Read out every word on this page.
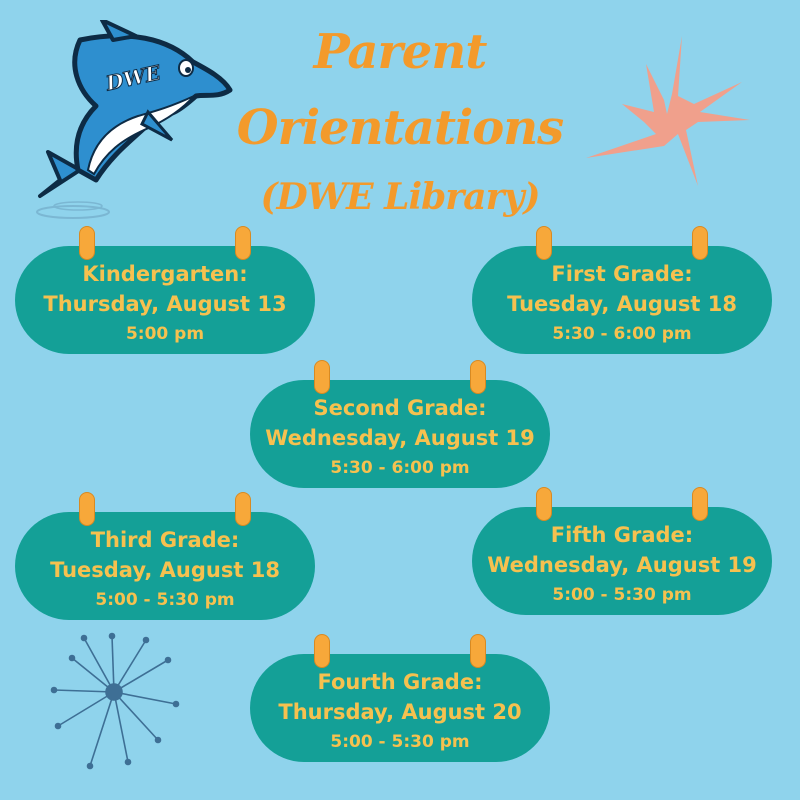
DWE	Parent
Orientations
(DWE Library)
Kindergarten:
Thursday, August 13
5:00 pm
First Grade:
Tuesday, August 18
5:30 - 6:00 pm
Second Grade:
Wednesday, August 19
5:30 - 6:00 pm
Third Grade:
Tuesday, August 18
5:00 - 5:30 pm
Fifth Grade:
Wednesday, August 19
5:00 - 5:30 pm
Fourth Grade:
Thursday, August 20
5:00 - 5:30 pm
